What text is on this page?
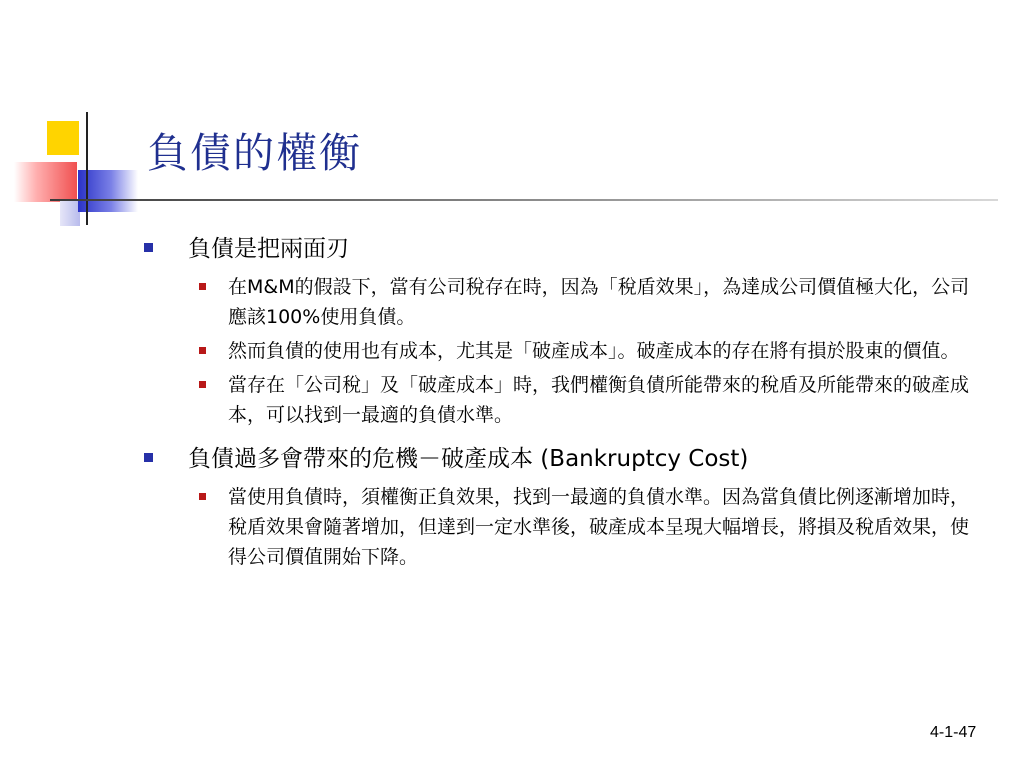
負債的權衡
負債是把兩面刃
在M&M的假設下，當有公司稅存在時，因為「稅盾效果」，為達成公司價值極大化，公司應該100%使用負債。
然而負債的使用也有成本，尤其是「破產成本」。破產成本的存在將有損於股東的價值。
當存在「公司稅」及「破產成本」時，我們權衡負債所能帶來的稅盾及所能帶來的破產成本，可以找到一最適的負債水準。
負債過多會帶來的危機－破產成本 (Bankruptcy Cost)
當使用負債時，須權衡正負效果，找到一最適的負債水準。因為當負債比例逐漸增加時，稅盾效果會隨著增加，但達到一定水準後，破產成本呈現大幅增長，將損及稅盾效果，使得公司價值開始下降。
4-1-47
